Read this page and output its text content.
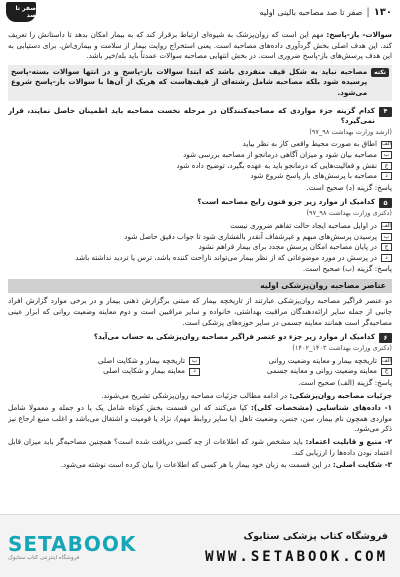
۱۳۰
|
صفر تا صد مصاحبه بالینی اولیه
صفر تا صد

سوالات- باز-پاسخ: مهم این است که روان‌پزشک به شیوه‌ای ارتباط برقرار کند که به بیمار امکان بدهد تا داستانش را تعریف کند. این هدف اصلی بخش گردآوری داده‌های مصاحبه است. یعنی استخراج روایت بیمار از سلامت و بیماری‌اش. برای دستیابی به این هدف پرسش‌های باز-پاسخ ضروری است. در بخش انتهایی مصاحبه سوالات عمدتاً باید بله/خیر باشد.

نکته
مصاحبه نباید به شکل قیف منفردی باشد که ابتدا سوالات باز-پاسخ و در انتها سوالات بسته-پاسخ پرسیده شود بلکه مصاحبه شامل رشته‌ای از قیف‌هاست که هریک از آن‌ها با سوالات باز-پاسخ شروع می‌شود.
۴
کدام گزینه جزء مواردی که مصاحبه‌کنندگان در مرحله نخست مصاحبه باید اطمینان حاصل نمایند، قرار نمی‌گیرد؟
(ارشد وزارت بهداشت ۹۸_۹۷)
الف
اطاق به صورت محیط واقعی کار به نظر بیاید
ب
مصاحبه بیان شود و میزان آگاهی درمانجو از مصاحبه بررسی شود
ج
نقش و فعالیت‌هایی که درمانجو باید به عهده بگیرد، توضیح داده شود
د
مصاحبه با پرسش‌های باز پاسخ شروع شود

پاسخ: گزینه (د) صحیح است.

۵
کدامیک از موارد زیر جزو فنون رایج مصاحبه است؟
(دکتری وزارت بهداشت ۹۸_۹۷)
الف
در اوایل مصاحبه ایجاد حالت تفاهم ضروری نیست
ب
پرسیدن پرسش‌های مبهم و غیرشفاف آنقدر بالفشاری شود تا جواب دقیق حاصل شود
ج
در پایان مصاحبه امکان پرسش مجدد برای بیمار فراهم نشود
د
در پرسش در مورد موضوعاتی که از نظر بیمار می‌تواند ناراحت کننده باشد، ترس یا تردید نداشته باشد

پاسخ: گزینه (ب) صحیح است.

عناصر مصاحبه روان‌پزشکی اولیه

دو عنصر فراگیر مصاحبه روان‌پزشکی عبارتند از تاریخچه بیمار که مبتنی برگزارش ذهنی بیمار و در برخی موارد گزارش افراد جانبی از جمله سایر ارائه‌دهندگان مراقبت بهداشتی، خانواده و سایر مراقبین است و دوم معاینه وضعیت روانی که ابزار عینی مصاحبه‌گر است همانند معاینه جسمی در سایر حوزه‌های پزشکی است.

۶
کدامیک از موارد زیر جزء دو عنصر فراگیر مصاحبه روان‌پزشکی به حساب می‌آید؟
(دکتری وزارت بهداشت ۱۴۰۳_۱۴۰۲)
الف
تاریخچه بیمار و معاینه وضعیت روانی
ب
تاریخچه بیمار و شکایت اصلی
ج
معاینه وضعیت روانی و معاینه جسمی
د
معاینه بیمار و شکایت اصلی

پاسخ: گزینه (الف) صحیح است.

جزئیات مصاحبه روان‌پزشکی: در ادامه مطالب جزئیات مصاحبه روان‌پزشکی تشریح می‌شوند.

۱- داده‌های شناسایی (مشخصات کلی): کیا می‌کنند که این قسمت بخش کوتاه شامل یک یا دو جمله و معمولا شامل مواردی همچون نام بیمار، سن، جنس، وضعیت تاهل (یا سایر روابط مهم)، نژاد یا قومیت و اشتغال می‌باشد و اغلب منبع ارجاع نیز ذکر می‌شود.

۲- منبع و قابلیت اعتماد: باید مشخص شود که اطلاعات از چه کسی دریافت شده است؟ همچنین مصاحبه‌گر باید میزان قابل اعتماد بودن داده‌ها را ارزیابی کند.

۳- شکایت اصلی: در این قسمت به زبان خود بیمار یا هر کسی که اطلاعات را بیان کرده است نوشته می‌شود.

SETABOOK
فروشگاه اینترنتی کتاب ستابوک
فروشگاه کتاب پزشکی ستابوک
WWW.SETABOOK.COM
